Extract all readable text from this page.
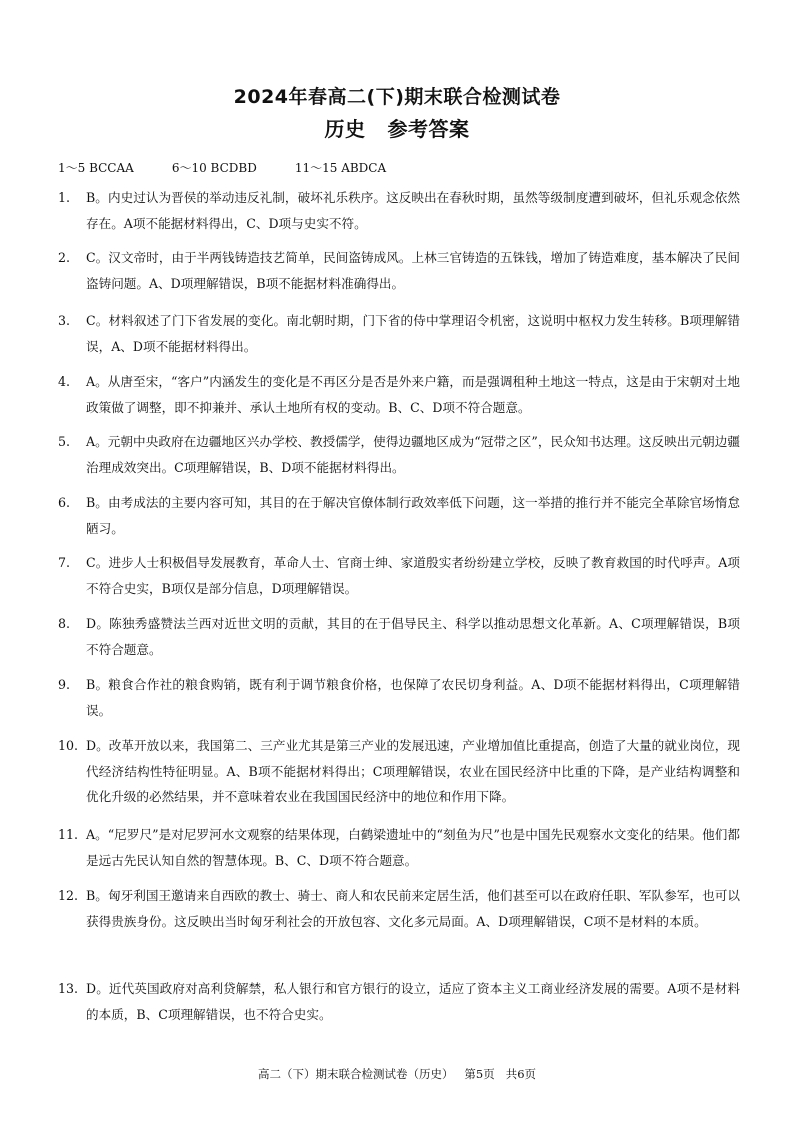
2024年春高二(下)期末联合检测试卷
历史 参考答案
1～5 BCCAA	6～10 BCDBD	11～15 ABDCA
1.	B。内史过认为晋侯的举动违反礼制，破坏礼乐秩序。这反映出在春秋时期，虽然等级制度遭到破坏，但礼乐观念依然存在。A项不能据材料得出，C、D项与史实不符。
2.	C。汉文帝时，由于半两钱铸造技艺简单，民间盗铸成风。上林三官铸造的五铢钱，增加了铸造难度，基本解决了民间盗铸问题。A、D项理解错误，B项不能据材料准确得出。
3.	C。材料叙述了门下省发展的变化。南北朝时期，门下省的侍中掌理诏令机密，这说明中枢权力发生转移。B项理解错误，A、D项不能据材料得出。
4.	A。从唐至宋，“客户”内涵发生的变化是不再区分是否是外来户籍，而是强调租种土地这一特点，这是由于宋朝对土地政策做了调整，即不抑兼并、承认土地所有权的变动。B、C、D项不符合题意。
5.	A。元朝中央政府在边疆地区兴办学校、教授儒学，使得边疆地区成为“冠带之区”，民众知书达理。这反映出元朝边疆治理成效突出。C项理解错误，B、D项不能据材料得出。
6.	B。由考成法的主要内容可知，其目的在于解决官僚体制行政效率低下问题，这一举措的推行并不能完全革除官场惰怠陋习。
7.	C。进步人士积极倡导发展教育，革命人士、官商士绅、家道殷实者纷纷建立学校，反映了教育救国的时代呼声。A项不符合史实，B项仅是部分信息，D项理解错误。
8.	D。陈独秀盛赞法兰西对近世文明的贡献，其目的在于倡导民主、科学以推动思想文化革新。A、C项理解错误，B项不符合题意。
9.	B。粮食合作社的粮食购销，既有利于调节粮食价格，也保障了农民切身利益。A、D项不能据材料得出，C项理解错误。
10. D。改革开放以来，我国第二、三产业尤其是第三产业的发展迅速，产业增加值比重提高，创造了大量的就业岗位，现代经济结构性特征明显。A、B项不能据材料得出；C项理解错误，农业在国民经济中比重的下降，是产业结构调整和优化升级的必然结果，并不意味着农业在我国国民经济中的地位和作用下降。
11. A。“尼罗尺”是对尼罗河水文观察的结果体现，白鹤梁遗址中的“刻鱼为尺”也是中国先民观察水文变化的结果。他们都是远古先民认知自然的智慧体现。B、C、D项不符合题意。
12. B。匈牙利国王邀请来自西欧的教士、骑士、商人和农民前来定居生活，他们甚至可以在政府任职、军队参军，也可以获得贵族身份。这反映出当时匈牙利社会的开放包容、文化多元局面。A、D项理解错误，C项不是材料的本质。
13. D。近代英国政府对高利贷解禁，私人银行和官方银行的设立，适应了资本主义工商业经济发展的需要。A项不是材料的本质，B、C项理解错误，也不符合史实。
高二（下）期末联合检测试卷（历史） 第5页 共6页
